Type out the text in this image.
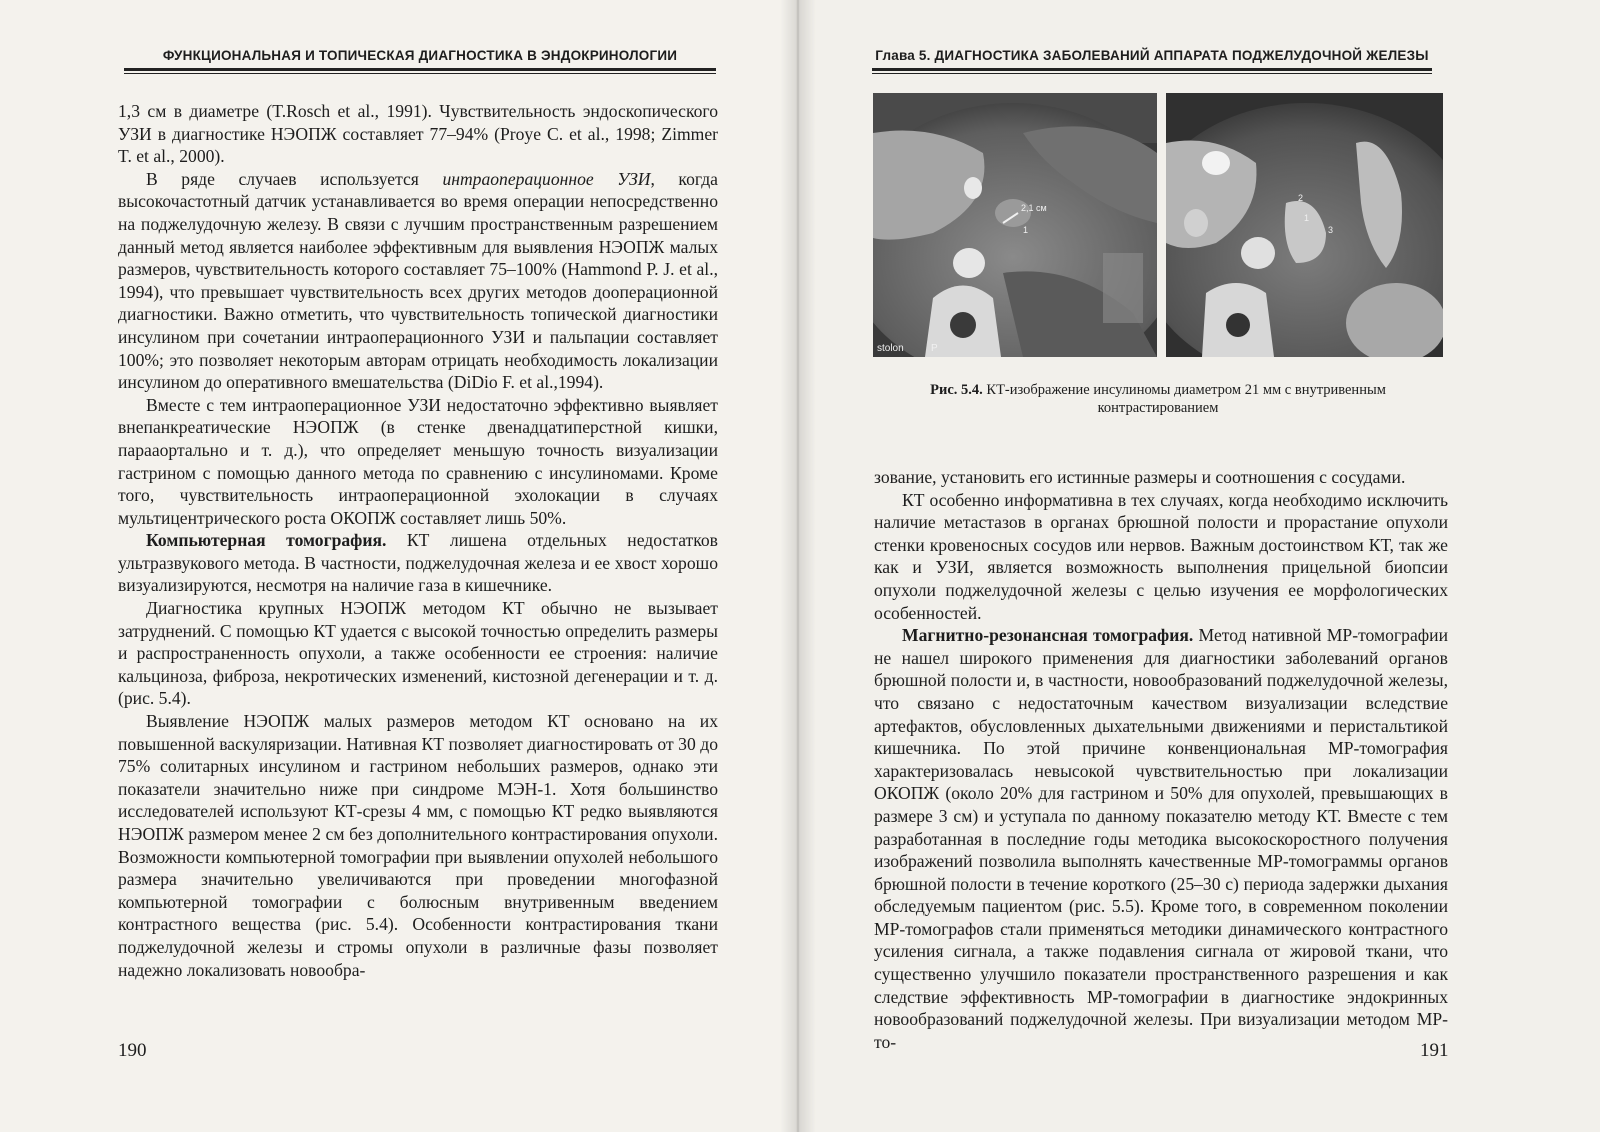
ФУНКЦИОНАЛЬНАЯ И ТОПИЧЕСКАЯ ДИАГНОСТИКА В ЭНДОКРИНОЛОГИИ

1,3 см в диаметре (T.Rosch et al., 1991). Чувствительность эндоскопического УЗИ в диагностике НЭОПЖ составляет 77–94% (Proye C. et al., 1998; Zimmer T. et al., 2000).

В ряде случаев используется интраоперационное УЗИ, когда высокочастотный датчик устанавливается во время операции непосредственно на поджелудочную железу. В связи с лучшим пространственным разрешением данный метод является наиболее эффективным для выявления НЭОПЖ малых размеров, чувствительность которого составляет 75–100% (Hammond P. J. et al., 1994), что превышает чувствительность всех других методов дооперационной диагностики. Важно отметить, что чувствительность топической диагностики инсулином при сочетании интраоперационного УЗИ и пальпации составляет 100%; это позволяет некоторым авторам отрицать необходимость локализации инсулином до оперативного вмешательства (DiDio F. et al.,1994).

Вместе с тем интраоперационное УЗИ недостаточно эффективно выявляет внепанкреатические НЭОПЖ (в стенке двенадцатиперстной кишки, параaортально и т. д.), что определяет меньшую точность визуализации гастрином с помощью данного метода по сравнению с инсулиномами. Кроме того, чувствительность интраоперационной эхолокации в случаях мультицентрического роста ОКОПЖ составляет лишь 50%.

Компьютерная томография. КТ лишена отдельных недостатков ультразвукового метода. В частности, поджелудочная железа и ее хвост хорошо визуализируются, несмотря на наличие газа в кишечнике.

Диагностика крупных НЭОПЖ методом КТ обычно не вызывает затруднений. С помощью КТ удается с высокой точностью определить размеры и распространенность опухоли, а также особенности ее строения: наличие кальциноза, фиброза, некротических изменений, кистозной дегенерации и т. д. (рис. 5.4).

Выявление НЭОПЖ малых размеров методом КТ основано на их повышенной васкуляризации. Нативная КТ позволяет диагностировать от 30 до 75% солитарных инсулином и гастрином небольших размеров, однако эти показатели значительно ниже при синдроме МЭН-1. Хотя большинство исследователей используют КТ-срезы 4 мм, с помощью КТ редко выявляются НЭОПЖ размером менее 2 см без дополнительного контрастирования опухоли. Возможности компьютерной томографии при выявлении опухолей небольшого размера значительно увеличиваются при проведении многофазной компьютерной томографии с болюсным внутривенным введением контрастного вещества (рис. 5.4). Особенности контрастирования ткани поджелудочной железы и стромы опухоли в различные фазы позволяет надежно локализовать новообра-

190
Глава 5. ДИАГНОСТИКА ЗАБОЛЕВАНИЙ АППАРАТА ПОДЖЕЛУДОЧНОЙ ЖЕЛЕЗЫ
2,1 см
1
P
stolon
2
1
3
Рис. 5.4. КТ-изображение инсулиномы диаметром 21 мм с внутривенным контрастированием

зование, установить его истинные размеры и соотношения с сосудами.

КТ особенно информативна в тех случаях, когда необходимо исключить наличие метастазов в органах брюшной полости и прорастание опухоли стенки кровеносных сосудов или нервов. Важным достоинством КТ, так же как и УЗИ, является возможность выполнения прицельной биопсии опухоли поджелудочной железы с целью изучения ее морфологических особенностей.

Магнитно-резонансная томография. Метод нативной МР-томографии не нашел широкого применения для диагностики заболеваний органов брюшной полости и, в частности, новообразований поджелудочной железы, что связано с недостаточным качеством визуализации вследствие артефактов, обусловленных дыхательными движениями и перистальтикой кишечника. По этой причине конвенциональная МР-томография характеризовалась невысокой чувствительностью при локализации ОКОПЖ (около 20% для гастрином и 50% для опухолей, превышающих в размере 3 см) и уступала по данному показателю методу КТ. Вместе с тем разработанная в последние годы методика высокоскоростного получения изображений позволила выполнять качественные МР-томограммы органов брюшной полости в течение короткого (25–30 с) периода задержки дыхания обследуемым пациентом (рис. 5.5). Кроме того, в современном поколении МР-томографов стали применяться методики динамического контрастного усиления сигнала, а также подавления сигнала от жировой ткани, что существенно улучшило показатели пространственного разрешения и как следствие эффективность МР-томографии в диагностике эндокринных новообразований поджелудочной железы. При визуализации методом МР-то-	191
